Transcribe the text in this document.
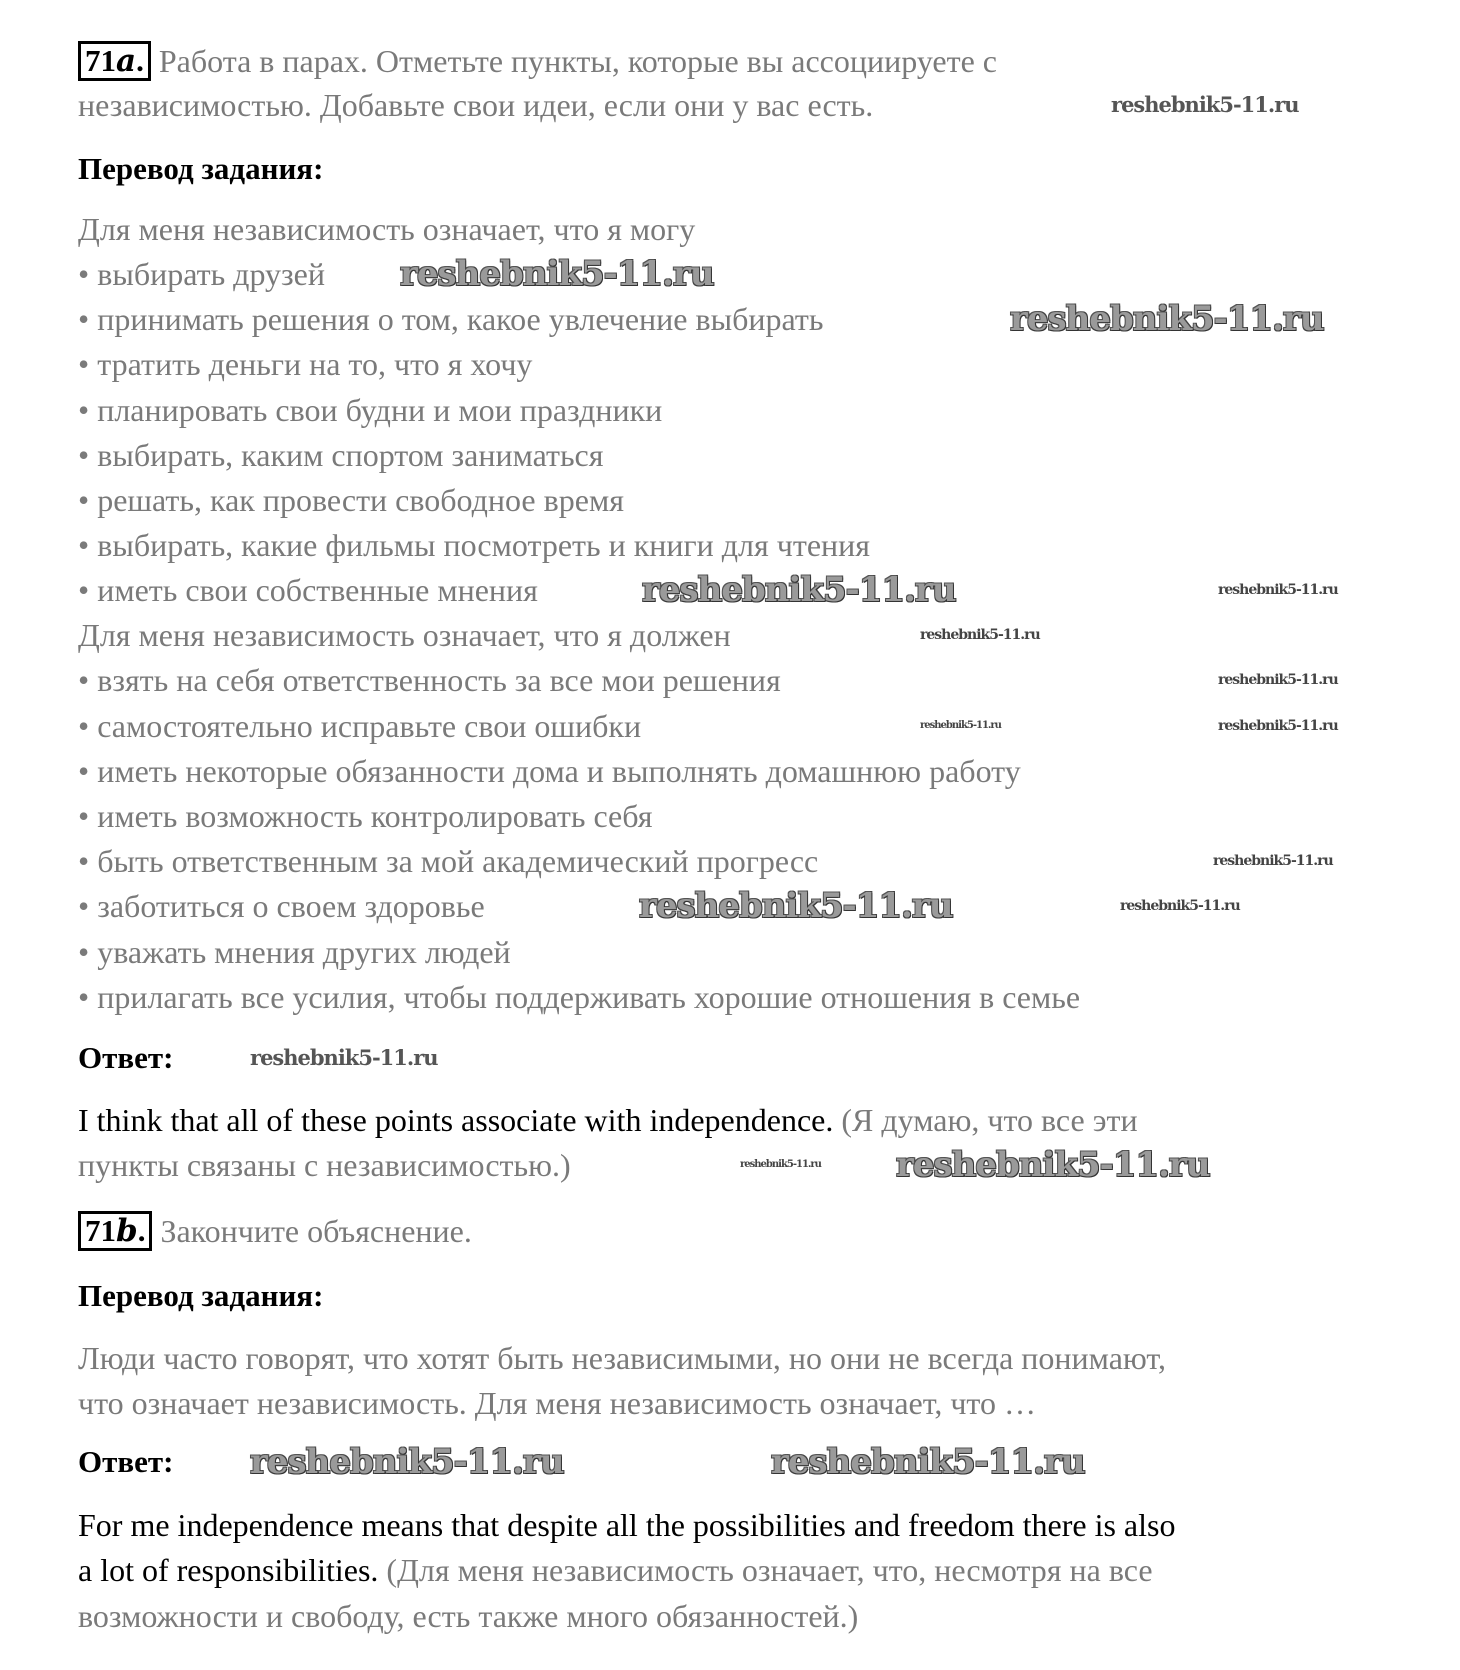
71a. Работа в парах. Отметьте пункты, которые вы ассоциируете с
независимостью. Добавьте свои идеи, если они у вас есть.
Перевод задания:
Для меня независимость означает, что я могу
• выбирать друзей
• принимать решения о том, какое увлечение выбирать
• тратить деньги на то, что я хочу
• планировать свои будни и мои праздники
• выбирать, каким спортом заниматься
• решать, как провести свободное время
• выбирать, какие фильмы посмотреть и книги для чтения
• иметь свои собственные мнения
Для меня независимость означает, что я должен
• взять на себя ответственность за все мои решения
• самостоятельно исправьте свои ошибки
• иметь некоторые обязанности дома и выполнять домашнюю работу
• иметь возможность контролировать себя
• быть ответственным за мой академический прогресс
• заботиться о своем здоровье
• уважать мнения других людей
• прилагать все усилия, чтобы поддерживать хорошие отношения в семье
Ответ:
I think that all of these points associate with independence. (Я думаю, что все эти
пункты связаны с независимостью.)
71b. Закончите объяснение.
Перевод задания:
Люди часто говорят, что хотят быть независимыми, но они не всегда понимают,
что означает независимость. Для меня независимость означает, что …
Ответ:
For me independence means that despite all the possibilities and freedom there is also
a lot of responsibilities. (Для меня независимость означает, что, несмотря на все
возможности и свободу, есть также много обязанностей.)
reshebnik5-11.ru
reshebnik5-11.ru
reshebnik5-11.ru
reshebnik5-11.ru	reshebnik5-11.ru
reshebnik5-11.ru
reshebnik5-11.ru
reshebnik5-11.ru	reshebnik5-11.ru
reshebnik5-11.ru
reshebnik5-11.ru	reshebnik5-11.ru
reshebnik5-11.ru
reshebnik5-11.ru reshebnik5-11.ru
reshebnik5-11.ru	reshebnik5-11.ru
